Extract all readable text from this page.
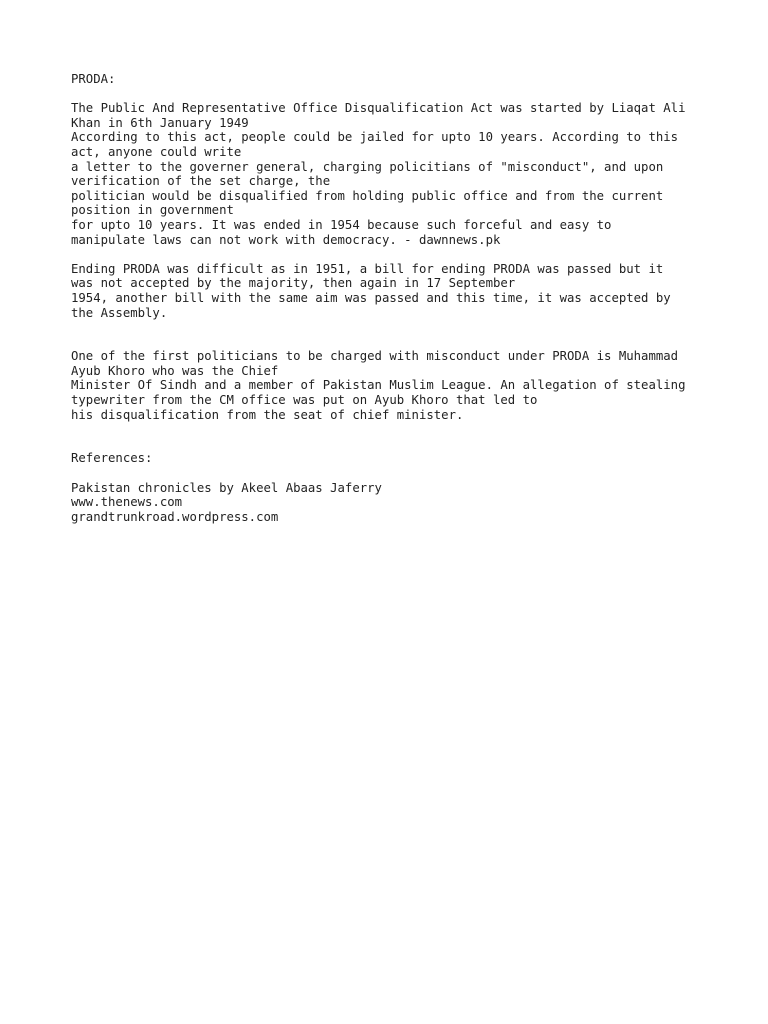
PRODA:
The Public And Representative Office Disqualification Act was started by Liaqat Ali
Khan in 6th January 1949
According to this act, people could be jailed for upto 10 years. According to this
act, anyone could write
a letter to the governer general, charging policitians of "misconduct", and upon
verification of the set charge, the
politician would be disqualified from holding public office and from the current
position in government
for upto 10 years. It was ended in 1954 because such forceful and easy to
manipulate laws can not work with democracy. - dawnnews.pk
Ending PRODA was difficult as in 1951, a bill for ending PRODA was passed but it
was not accepted by the majority, then again in 17 September
1954, another bill with the same aim was passed and this time, it was accepted by
the Assembly.
One of the first politicians to be charged with misconduct under PRODA is Muhammad
Ayub Khoro who was the Chief
Minister Of Sindh and a member of Pakistan Muslim League. An allegation of stealing
typewriter from the CM office was put on Ayub Khoro that led to
his disqualification from the seat of chief minister.
References:
Pakistan chronicles by Akeel Abaas Jaferry
www.thenews.com
grandtrunkroad.wordpress.com
